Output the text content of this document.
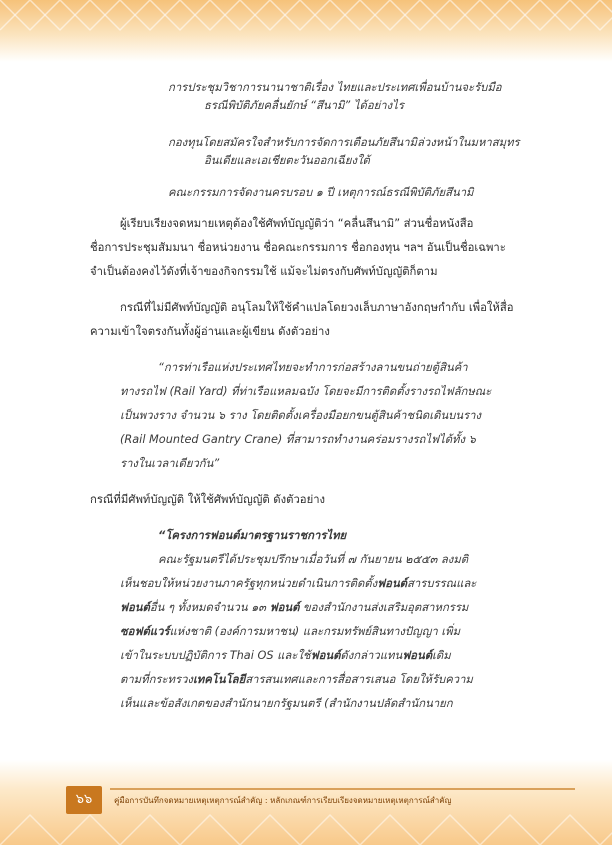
การประชุมวิชาการนานาชาติเรื่อง ไทยและประเทศเพื่อนบ้านจะรับมือ
ธรณีพิบัติภัยคลื่นยักษ์ “สึนามิ” ได้อย่างไร
กองทุนโดยสมัครใจสำหรับการจัดการเตือนภัยสึนามิล่วงหน้าในมหาสมุทร
อินเดียและเอเชียตะวันออกเฉียงใต้
คณะกรรมการจัดงานครบรอบ ๑ ปี เหตุการณ์ธรณีพิบัติภัยสึนามิ
ผู้เรียบเรียงจดหมายเหตุต้องใช้ศัพท์บัญญัติว่า “คลื่นสึนามิ” ส่วนชื่อหนังสือ
ชื่อการประชุมสัมมนา ชื่อหน่วยงาน ชื่อคณะกรรมการ ชื่อกองทุน ฯลฯ อันเป็นชื่อเฉพาะ
จำเป็นต้องคงไว้ดังที่เจ้าของกิจกรรมใช้ แม้จะไม่ตรงกับศัพท์บัญญัติก็ตาม
กรณีที่ไม่มีศัพท์บัญญัติ อนุโลมให้ใช้คำแปลโดยวงเล็บภาษาอังกฤษกำกับ เพื่อให้สื่อ
ความเข้าใจตรงกันทั้งผู้อ่านและผู้เขียน ดังตัวอย่าง
“การท่าเรือแห่งประเทศไทยจะทำการก่อสร้างลานขนถ่ายตู้สินค้า
ทางรถไฟ (Rail Yard) ที่ท่าเรือแหลมฉบัง โดยจะมีการติดตั้งรางรถไฟลักษณะ
เป็นพวงราง จำนวน ๖ ราง โดยติดตั้งเครื่องมือยกขนตู้สินค้าชนิดเดินบนราง
(Rail Mounted Gantry Crane) ที่สามารถทำงานคร่อมรางรถไฟได้ทั้ง ๖
รางในเวลาเดียวกัน”
กรณีที่มีศัพท์บัญญัติ ให้ใช้ศัพท์บัญญัติ ดังตัวอย่าง
“โครงการฟอนต์มาตรฐานราชการไทย
คณะรัฐมนตรีได้ประชุมปรึกษาเมื่อวันที่ ๗ กันยายน ๒๕๕๓ ลงมติ
เห็นชอบให้หน่วยงานภาครัฐทุกหน่วยดำเนินการติดตั้งฟอนต์สารบรรณและ
ฟอนต์อื่น ๆ ทั้งหมดจำนวน ๑๓ ฟอนต์ ของสำนักงานส่งเสริมอุตสาหกรรม
ซอฟต์แวร์แห่งชาติ (องค์การมหาชน) และกรมทรัพย์สินทางปัญญา เพิ่ม
เข้าในระบบปฏิบัติการ Thai OS และใช้ฟอนต์ดังกล่าวแทนฟอนต์เดิม
ตามที่กระทรวงเทคโนโลยีสารสนเทศและการสื่อสารเสนอ โดยให้รับความ
เห็นและข้อสังเกตของสำนักนายกรัฐมนตรี (สำนักงานปลัดสำนักนายก
๖๖	คู่มือการบันทึกจดหมายเหตุเหตุการณ์สำคัญ : หลักเกณฑ์การเรียบเรียงจดหมายเหตุเหตุการณ์สำคัญ
